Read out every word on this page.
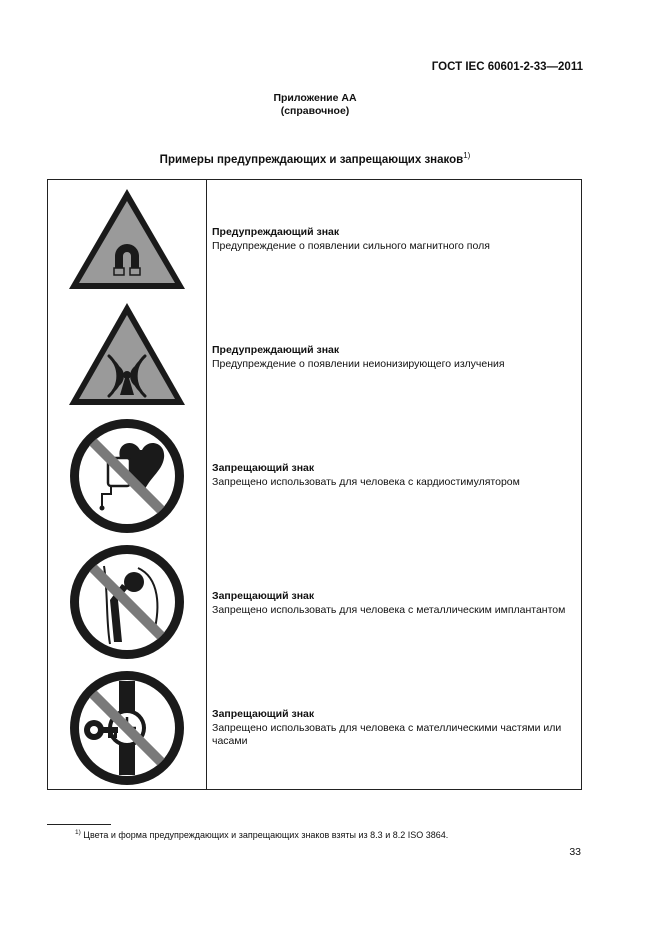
ГОСТ IEC 60601-2-33—2011
Приложение АА
(справочное)
Примеры предупреждающих и запрещающих знаков$^{1)}$
Предупреждающий знак
Предупреждение о появлении сильного магнитного поля
Предупреждающий знак
Предупреждение о появлении неионизирующего излучения
Запрещающий знак
Запрещено использовать для человека с кардиостимулятором
Запрещающий знак
Запрещено использовать для человека с металлическим имплантантом
Запрещающий знак
Запрещено использовать для человека с мателлическими частями или часами
$^{1)}$ Цвета и форма предупреждающих и запрещающих знаков взяты из 8.3 и 8.2 ISO 3864.
33
